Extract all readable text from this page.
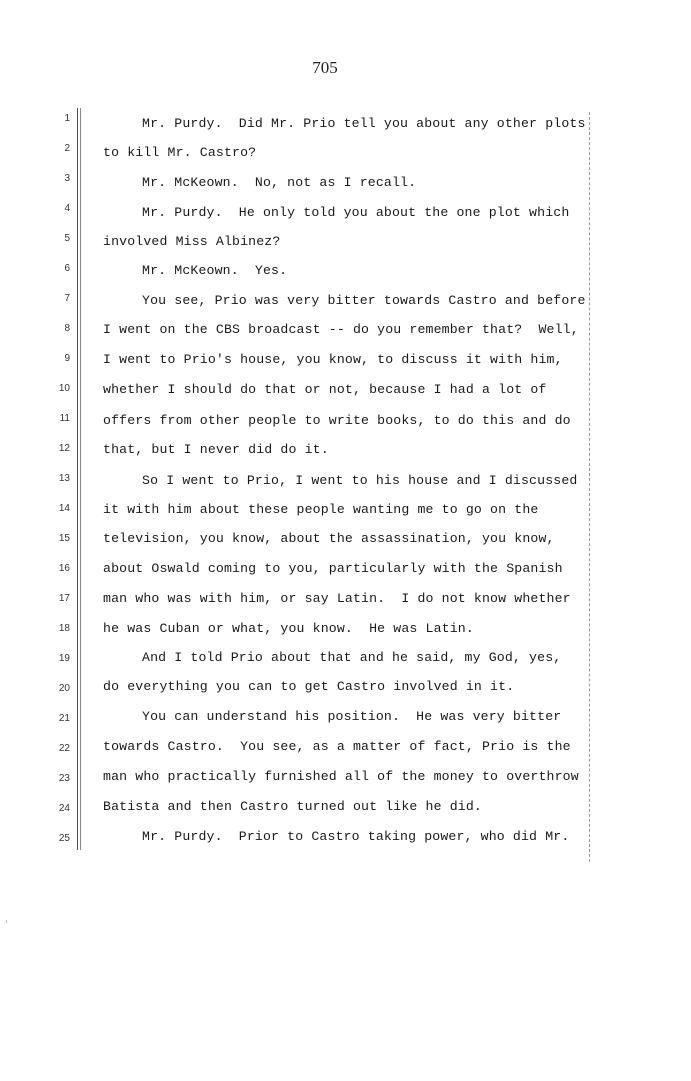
705
1
2
3
4
5
6
7
8
9
10
11
12
13
14
15
16
17
18
19
20
21
22
23
24
25
Mr. Purdy.  Did Mr. Prio tell you about any other plots
to kill Mr. Castro?
Mr. McKeown.  No, not as I recall.
Mr. Purdy.  He only told you about the one plot which
involved Miss Albinez?
Mr. McKeown.  Yes.
You see, Prio was very bitter towards Castro and before
I went on the CBS broadcast -- do you remember that?  Well,
I went to Prio's house, you know, to discuss it with him,
whether I should do that or not, because I had a lot of
offers from other people to write books, to do this and do
that, but I never did do it.
So I went to Prio, I went to his house and I discussed
it with him about these people wanting me to go on the
television, you know, about the assassination, you know,
about Oswald coming to you, particularly with the Spanish
man who was with him, or say Latin.  I do not know whether
he was Cuban or what, you know.  He was Latin.
And I told Prio about that and he said, my God, yes,
do everything you can to get Castro involved in it.
You can understand his position.  He was very bitter
towards Castro.  You see, as a matter of fact, Prio is the
man who practically furnished all of the money to overthrow
Batista and then Castro turned out like he did.
Mr. Purdy.  Prior to Castro taking power, who did Mr.
